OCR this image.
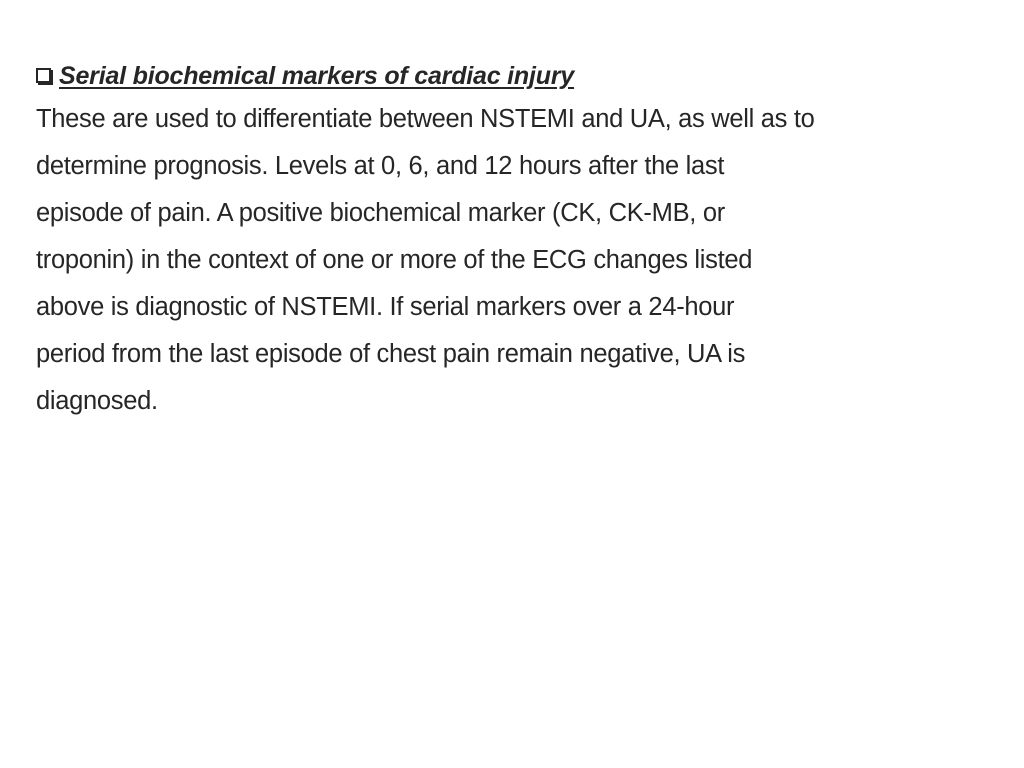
Serial biochemical markers of cardiac injury

These are used to differentiate between NSTEMI and UA, as well as to
determine prognosis. Levels at 0, 6, and 12 hours after the last
episode of pain. A positive biochemical marker (CK, CK-MB, or
troponin) in the context of one or more of the ECG changes listed
above is diagnostic of NSTEMI. If serial markers over a 24-hour
period from the last episode of chest pain remain negative, UA is
diagnosed.
